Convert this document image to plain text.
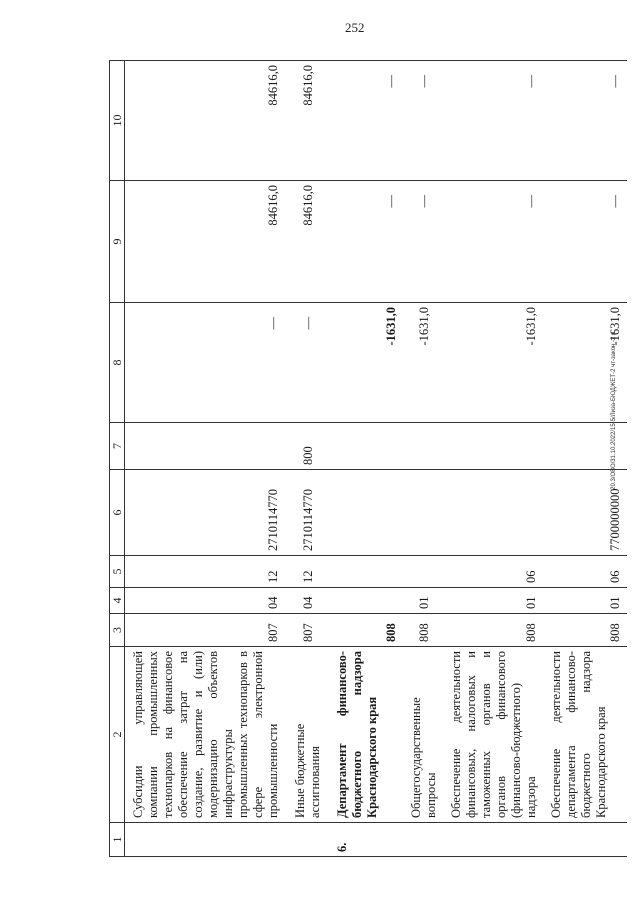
252
20.3/ОВО/31.10.2022/15-5/Лиза-БЮДЖЕТ-2 чт-закон -2 ч.
1	2	3	4	5	6	7	8	9	10
	Субсидии управляющей компании промышленных технопарков на финансовое обеспечение затрат на создание, развитие и (или) модернизацию объектов инфраструктуры промышленных технопарков в сфере электронной промышленности	807	04	12	2710114770		—	84616,0	84616,0
	Иные бюджетные ассигнования	807	04	12	2710114770	800	—	84616,0	84616,0
6.	Департамент финансово-бюджетного надзора Краснодарского края	808					-1631,0	—	—
	Общегосударственные вопросы	808	01				-1631,0	—	—
	Обеспечение деятельности финансовых, налоговых и таможенных органов и органов финансового (финансово-бюджетного) надзора	808	01	06			-1631,0	—	—
	Обеспечение деятельности департамента финансово-бюджетного надзора Краснодарского края	808	01	06	7700000000		-1631,0	—	—
